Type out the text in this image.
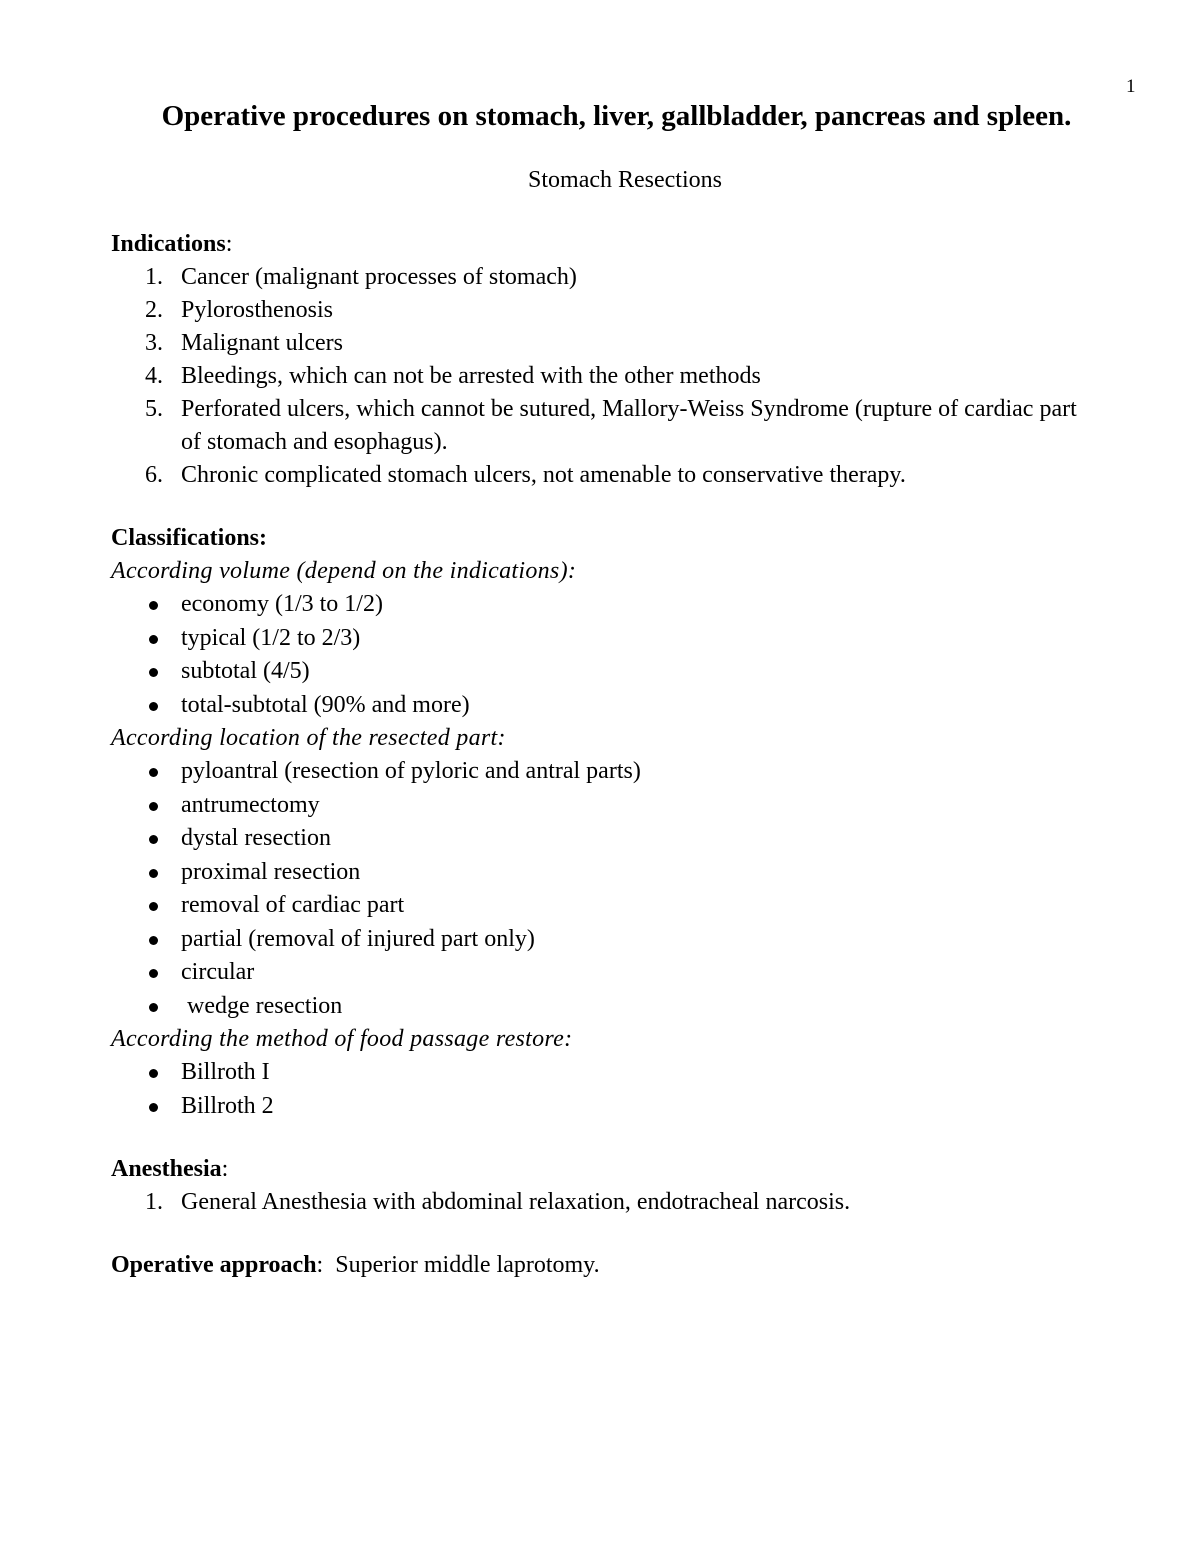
1
Operative procedures on stomach, liver, gallbladder, pancreas and spleen.
Stomach Resections

Indications:

1. Cancer (malignant processes of stomach)
2. Pylorosthenosis
3. Malignant ulcers
4. Bleedings, which can not be arrested with the other methods
5. Perforated ulcers, which cannot be sutured, Mallory-Weiss Syndrome (rupture of cardiac part of stomach and esophagus).
6. Chronic complicated stomach ulcers, not amenable to conservative therapy.

Classifications:

According volume (depend on the indications):

economy (1/3 to 1/2)
typical (1/2 to 2/3)
subtotal (4/5)
total-subtotal (90% and more)

According location of the resected part:

pyloantral (resection of pyloric and antral parts)
antrumectomy
dystal resection
proximal resection
removal of cardiac part
partial (removal of injured part only)
circular
wedge resection

According the method of food passage restore:

Billroth I
Billroth 2

Anesthesia:

1. General Anesthesia with abdominal relaxation, endotracheal narcosis.

Operative approach: Superior middle laprotomy.
